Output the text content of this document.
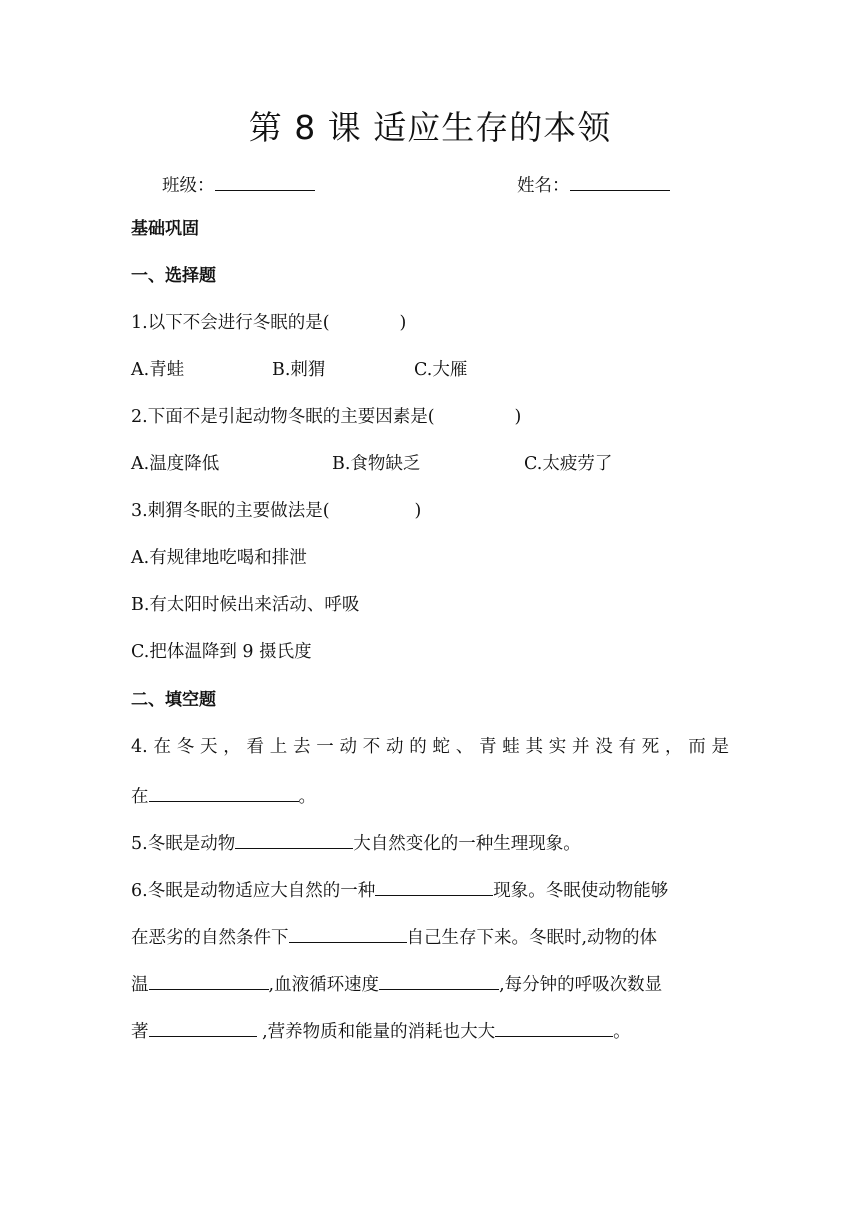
第 8 课 适应生存的本领
班级：	姓名：
基础巩固
一、选择题
1.以下不会进行冬眠的是(	)
A.青蛙	B.刺猬	C.大雁
2.下面不是引起动物冬眠的主要因素是(	)
A.温度降低	B.食物缺乏	C.太疲劳了
3.刺猬冬眠的主要做法是(	)
A.有规律地吃喝和排泄
B.有太阳时候出来活动、呼吸
C.把体温降到 9 摄氏度
二、填空题
4.在冬天，看上去一动不动的蛇、青蛙其实并没有死，而是
在	。
5.冬眠是动物	大自然变化的一种生理现象。
6.冬眠是动物适应大自然的一种	现象。冬眠使动物能够
在恶劣的自然条件下	自己生存下来。冬眠时,动物的体
温	,血液循环速度	,每分钟的呼吸次数显
著	,营养物质和能量的消耗也大大	。
